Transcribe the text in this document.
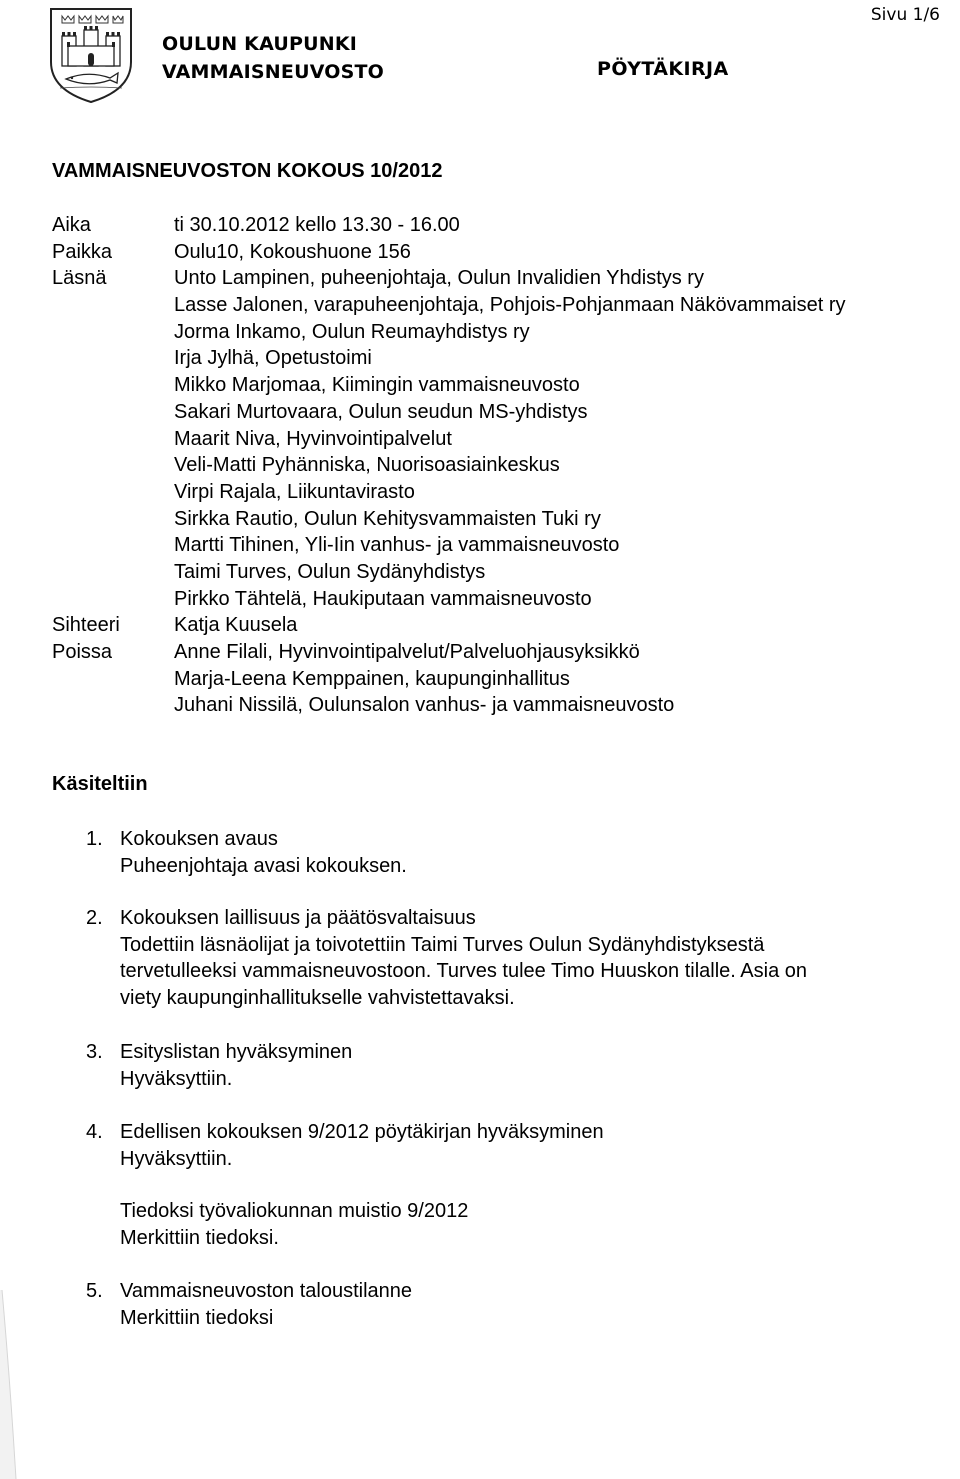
OULUN KAUPUNKI
VAMMAISNEUVOSTO	PÖYTÄKIRJA
Sivu 1/6
VAMMAISNEUVOSTON KOKOUS 10/2012
Aika	ti 30.10.2012 kello 13.30 - 16.00
Paikka	Oulu10, Kokoushuone 156
Läsnä	Unto Lampinen, puheenjohtaja, Oulun Invalidien Yhdistys ry
Lasse Jalonen, varapuheenjohtaja, Pohjois-Pohjanmaan Näkövammaiset ry
Jorma Inkamo, Oulun Reumayhdistys ry
Irja Jylhä, Opetustoimi
Mikko Marjomaa, Kiimingin vammaisneuvosto
Sakari Murtovaara, Oulun seudun MS-yhdistys
Maarit Niva, Hyvinvointipalvelut
Veli-Matti Pyhänniska, Nuorisoasiainkeskus
Virpi Rajala, Liikuntavirasto
Sirkka Rautio, Oulun Kehitysvammaisten Tuki ry
Martti Tihinen, Yli-Iin vanhus- ja vammaisneuvosto
Taimi Turves, Oulun Sydänyhdistys
Pirkko Tähtelä, Haukiputaan vammaisneuvosto
Sihteeri	Katja Kuusela
Poissa	Anne Filali, Hyvinvointipalvelut/Palveluohjausyksikkö
Marja-Leena Kemppainen, kaupunginhallitus
Juhani Nissilä, Oulunsalon vanhus- ja vammaisneuvosto
Käsiteltiin
1. Kokouksen avaus
Puheenjohtaja avasi kokouksen.
2. Kokouksen laillisuus ja päätösvaltaisuus
Todettiin läsnäolijat ja toivotettiin Taimi Turves Oulun Sydänyhdistyksestä
tervetulleeksi vammaisneuvostoon. Turves tulee Timo Huuskon tilalle. Asia on
viety kaupunginhallitukselle vahvistettavaksi.
3. Esityslistan hyväksyminen
Hyväksyttiin.
4. Edellisen kokouksen 9/2012 pöytäkirjan hyväksyminen
Hyväksyttiin.
Tiedoksi työvaliokunnan muistio 9/2012
Merkittiin tiedoksi.
5. Vammaisneuvoston taloustilanne
Merkittiin tiedoksi
